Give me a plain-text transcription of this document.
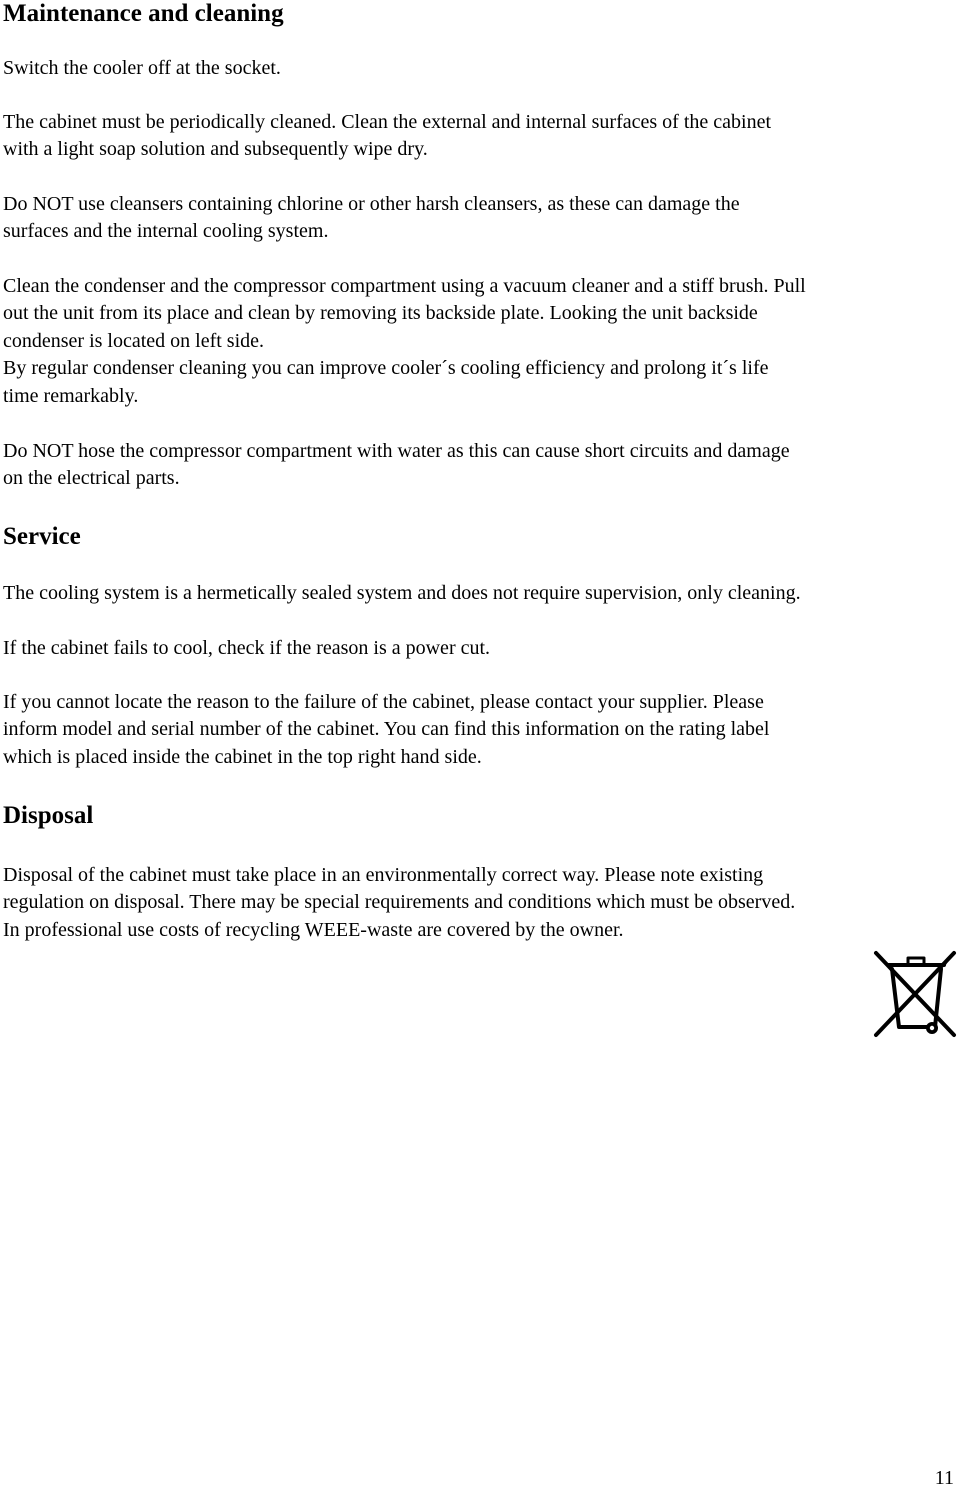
Maintenance and cleaning

Switch the cooler off at the socket.

The cabinet must be periodically cleaned. Clean the external and internal surfaces of the cabinet
with a light soap solution and subsequently wipe dry.

Do NOT use cleansers containing chlorine or other harsh cleansers, as these can damage the
surfaces and the internal cooling system.

Clean the condenser and the compressor compartment using a vacuum cleaner and a stiff brush. Pull
out the unit from its place and clean by removing its backside plate. Looking the unit backside
condenser is located on left side.
By regular condenser cleaning you can improve cooler´s cooling efficiency and prolong it´s life
time remarkably.

Do NOT hose the compressor compartment with water as this can cause short circuits and damage
on the electrical parts.

Service

The cooling system is a hermetically sealed system and does not require supervision, only cleaning.

If the cabinet fails to cool, check if the reason is a power cut.

If you cannot locate the reason to the failure of the cabinet, please contact your supplier. Please
inform model and serial number of the cabinet. You can find this information on the rating label
which is placed inside the cabinet in the top right hand side.

Disposal

Disposal of the cabinet must take place in an environmentally correct way. Please note existing
regulation on disposal. There may be special requirements and conditions which must be observed.
In professional use costs of recycling WEEE-waste are covered by the owner.

11
